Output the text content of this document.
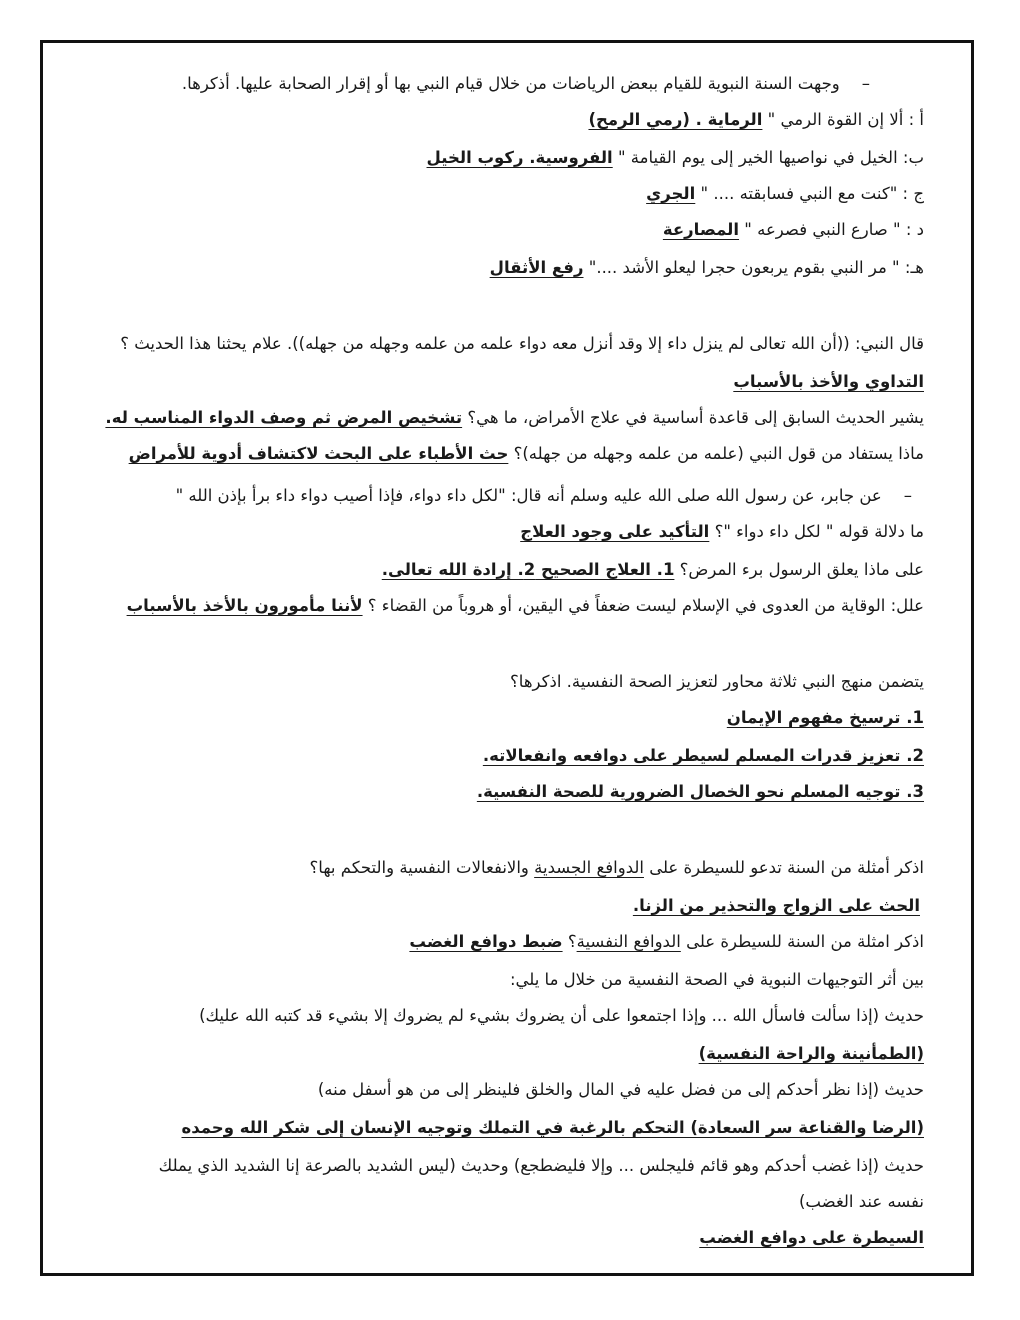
– وجهت السنة النبوية للقيام ببعض الرياضات من خلال قيام النبي بها أو إقرار الصحابة عليها. أذكرها.
أ : ألا إن القوة الرمي " الرماية . (رمي الرمح)
ب: الخيل في نواصيها الخير إلى يوم القيامة " الفروسية. ركوب الخيل
ج : "كنت مع النبي فسابقته .... " الجري
د : " صارع النبي فصرعه " المصارعة
هـ: " مر النبي بقوم يربعون حجرا ليعلو الأشد ...." رفع الأثقال
قال النبي: ((أن الله تعالى لم ينزل داء إلا وقد أنزل معه دواء علمه من علمه وجهله من جهله)). علام يحثنا هذا الحديث ؟
التداوي والأخذ بالأسباب
يشير الحديث السابق إلى قاعدة أساسية في علاج الأمراض، ما هي؟ تشخيص المرض ثم وصف الدواء المناسب له.
ماذا يستفاد من قول النبي (علمه من علمه وجهله من جهله)؟ حث الأطباء على البحث لاكتشاف أدوية للأمراض
– عن جابر، عن رسول الله صلى الله عليه وسلم أنه قال: "لكل داء دواء، فإذا أصيب دواء داء برأ بإذن الله "
ما دلالة قوله " لكل داء دواء "؟ التأكيد على وجود العلاج
على ماذا يعلق الرسول برء المرض؟ 1. العلاج الصحيح 2. إرادة الله تعالى.
علل: الوقاية من العدوى في الإسلام ليست ضعفاً في اليقين، أو هروباً من القضاء ؟ لأننا مأمورون بالأخذ بالأسباب
يتضمن منهج النبي ثلاثة محاور لتعزيز الصحة النفسية. اذكرها؟
1. ترسيخ مفهوم الإيمان
2. تعزيز قدرات المسلم لسيطر على دوافعه وانفعالاته.
3. توجيه المسلم نحو الخصال الضرورية للصحة النفسية.
اذكر أمثلة من السنة تدعو للسيطرة على الدوافع الجسدية والانفعالات النفسية والتحكم بها؟
الحث على الزواج والتحذير من الزنا.
اذكر امثلة من السنة للسيطرة على الدوافع النفسية؟ ضبط دوافع الغضب
بين أثر التوجيهات النبوية في الصحة النفسية من خلال ما يلي:
حديث (إذا سألت فاسأل الله ... وإذا اجتمعوا على أن يضروك بشيء لم يضروك إلا بشيء قد كتبه الله عليك)
(الطمأنينة والراحة النفسية)
حديث (إذا نظر أحدكم إلى من فضل عليه في المال والخلق فلينظر إلى من هو أسفل منه)
(الرضا والقناعة سر السعادة) التحكم بالرغبة في التملك وتوجيه الإنسان إلى شكر الله وحمده
حديث (إذا غضب أحدكم وهو قائم فليجلس ... وإلا فليضطجع) وحديث (ليس الشديد بالصرعة إنا الشديد الذي يملك
نفسه عند الغضب)
السيطرة على دوافع الغضب
